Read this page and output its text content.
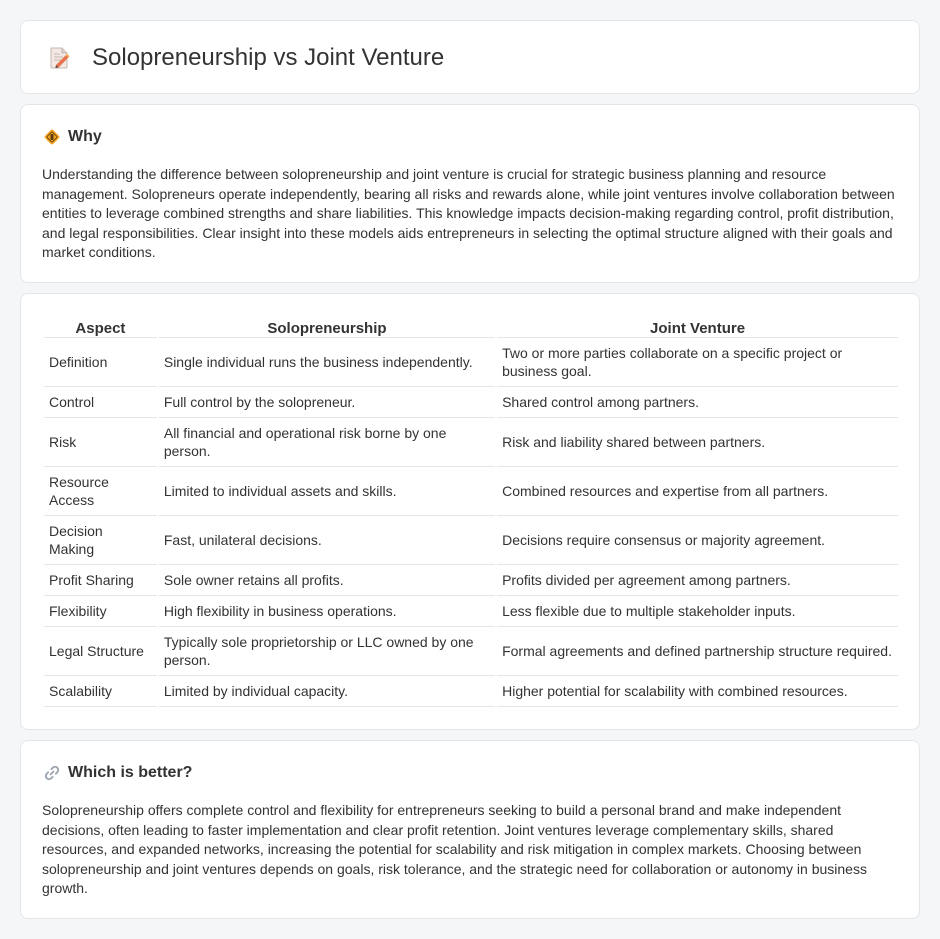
Solopreneurship vs Joint Venture
Why

Understanding the difference between solopreneurship and joint venture is crucial for strategic business planning and resource management. Solopreneurs operate independently, bearing all risks and rewards alone, while joint ventures involve collaboration between entities to leverage combined strengths and share liabilities. This knowledge impacts decision-making regarding control, profit distribution, and legal responsibilities. Clear insight into these models aids entrepreneurs in selecting the optimal structure aligned with their goals and market conditions.

Aspect	Solopreneurship	Joint Venture
Definition	Single individual runs the business independently.	Two or more parties collaborate on a specific project or business goal.
Control	Full control by the solopreneur.	Shared control among partners.
Risk	All financial and operational risk borne by one person.	Risk and liability shared between partners.
Resource Access	Limited to individual assets and skills.	Combined resources and expertise from all partners.
Decision Making	Fast, unilateral decisions.	Decisions require consensus or majority agreement.
Profit Sharing	Sole owner retains all profits.	Profits divided per agreement among partners.
Flexibility	High flexibility in business operations.	Less flexible due to multiple stakeholder inputs.
Legal Structure	Typically sole proprietorship or LLC owned by one person.	Formal agreements and defined partnership structure required.
Scalability	Limited by individual capacity.	Higher potential for scalability with combined resources.
Which is better?

Solopreneurship offers complete control and flexibility for entrepreneurs seeking to build a personal brand and make independent decisions, often leading to faster implementation and clear profit retention. Joint ventures leverage complementary skills, shared resources, and expanded networks, increasing the potential for scalability and risk mitigation in complex markets. Choosing between solopreneurship and joint ventures depends on goals, risk tolerance, and the strategic need for collaboration or autonomy in business growth.
